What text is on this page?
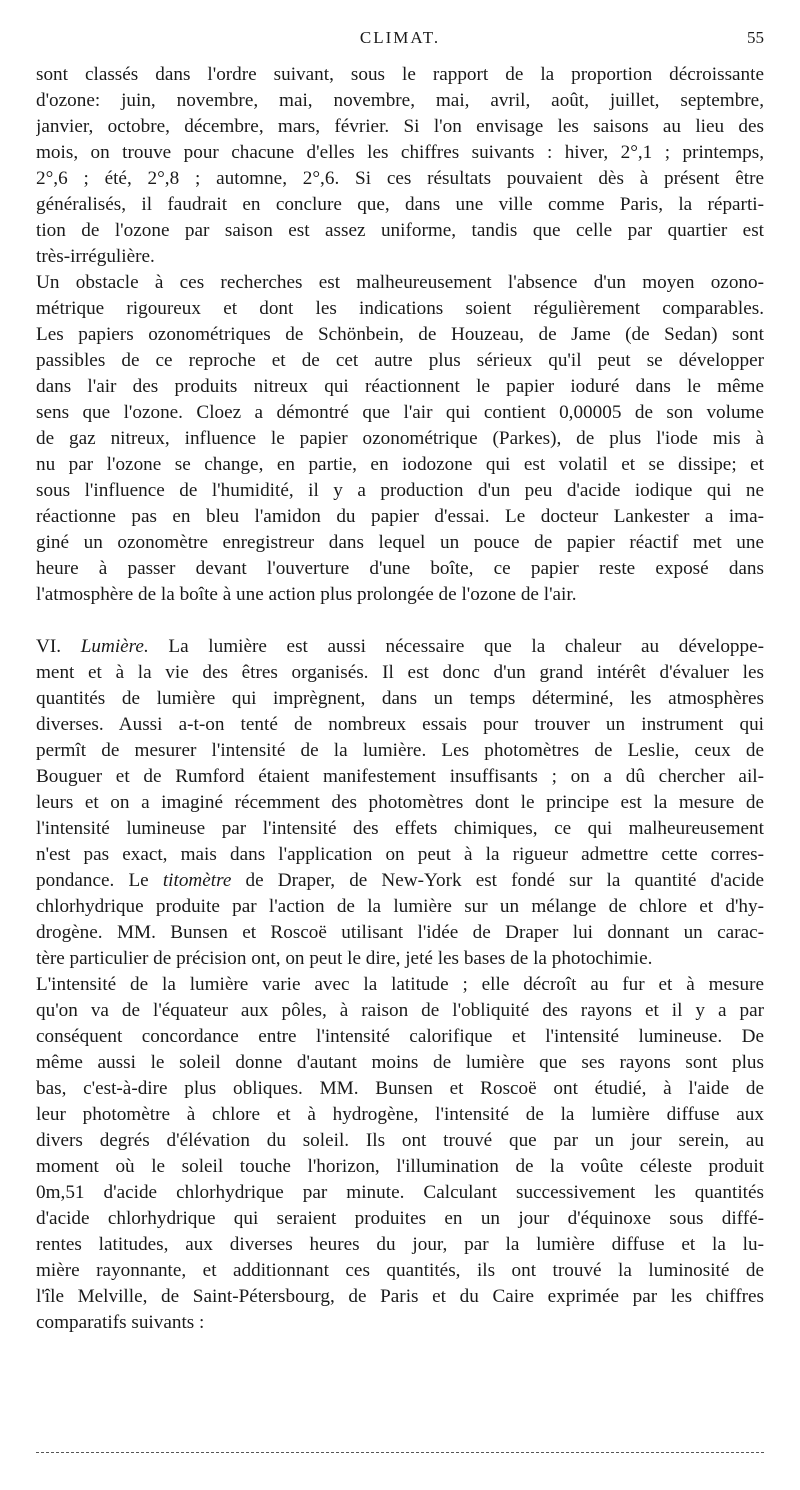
CLIMAT.	55
sont classés dans l'ordre suivant, sous le rapport de la proportion décroissante
d'ozone: juin, novembre, mai, novembre, mai, avril, août, juillet, septembre,
janvier, octobre, décembre, mars, février. Si l'on envisage les saisons au lieu des
mois, on trouve pour chacune d'elles les chiffres suivants : hiver, 2°,1 ; printemps,
2°,6 ; été, 2°,8 ; automne, 2°,6. Si ces résultats pouvaient dès à présent être
généralisés, il faudrait en conclure que, dans une ville comme Paris, la réparti-
tion de l'ozone par saison est assez uniforme, tandis que celle par quartier est
très-irrégulière.
Un obstacle à ces recherches est malheureusement l'absence d'un moyen ozono-
métrique rigoureux et dont les indications soient régulièrement comparables.
Les papiers ozonométriques de Schönbein, de Houzeau, de Jame (de Sedan) sont
passibles de ce reproche et de cet autre plus sérieux qu'il peut se développer
dans l'air des produits nitreux qui réactionnent le papier ioduré dans le même
sens que l'ozone. Cloez a démontré que l'air qui contient 0,00005 de son volume
de gaz nitreux, influence le papier ozonométrique (Parkes), de plus l'iode mis à
nu par l'ozone se change, en partie, en iodozone qui est volatil et se dissipe; et
sous l'influence de l'humidité, il y a production d'un peu d'acide iodique qui ne
réactionne pas en bleu l'amidon du papier d'essai. Le docteur Lankester a ima-
giné un ozonomètre enregistreur dans lequel un pouce de papier réactif met une
heure à passer devant l'ouverture d'une boîte, ce papier reste exposé dans
l'atmosphère de la boîte à une action plus prolongée de l'ozone de l'air.
VI. Lumière. La lumière est aussi nécessaire que la chaleur au développe-
ment et à la vie des êtres organisés. Il est donc d'un grand intérêt d'évaluer les
quantités de lumière qui imprègnent, dans un temps déterminé, les atmosphères
diverses. Aussi a-t-on tenté de nombreux essais pour trouver un instrument qui
permît de mesurer l'intensité de la lumière. Les photomètres de Leslie, ceux de
Bouguer et de Rumford étaient manifestement insuffisants ; on a dû chercher ail-
leurs et on a imaginé récemment des photomètres dont le principe est la mesure de
l'intensité lumineuse par l'intensité des effets chimiques, ce qui malheureusement
n'est pas exact, mais dans l'application on peut à la rigueur admettre cette corres-
pondance. Le titomètre de Draper, de New-York est fondé sur la quantité d'acide
chlorhydrique produite par l'action de la lumière sur un mélange de chlore et d'hy-
drogène. MM. Bunsen et Roscoë utilisant l'idée de Draper lui donnant un carac-
tère particulier de précision ont, on peut le dire, jeté les bases de la photochimie.
L'intensité de la lumière varie avec la latitude ; elle décroît au fur et à mesure
qu'on va de l'équateur aux pôles, à raison de l'obliquité des rayons et il y a par
conséquent concordance entre l'intensité calorifique et l'intensité lumineuse. De
même aussi le soleil donne d'autant moins de lumière que ses rayons sont plus
bas, c'est-à-dire plus obliques. MM. Bunsen et Roscoë ont étudié, à l'aide de
leur photomètre à chlore et à hydrogène, l'intensité de la lumière diffuse aux
divers degrés d'élévation du soleil. Ils ont trouvé que par un jour serein, au
moment où le soleil touche l'horizon, l'illumination de la voûte céleste produit
0m,51 d'acide chlorhydrique par minute. Calculant successivement les quantités
d'acide chlorhydrique qui seraient produites en un jour d'équinoxe sous diffé-
rentes latitudes, aux diverses heures du jour, par la lumière diffuse et la lu-
mière rayonnante, et additionnant ces quantités, ils ont trouvé la luminosité de
l'île Melville, de Saint-Pétersbourg, de Paris et du Caire exprimée par les chiffres
comparatifs suivants :
